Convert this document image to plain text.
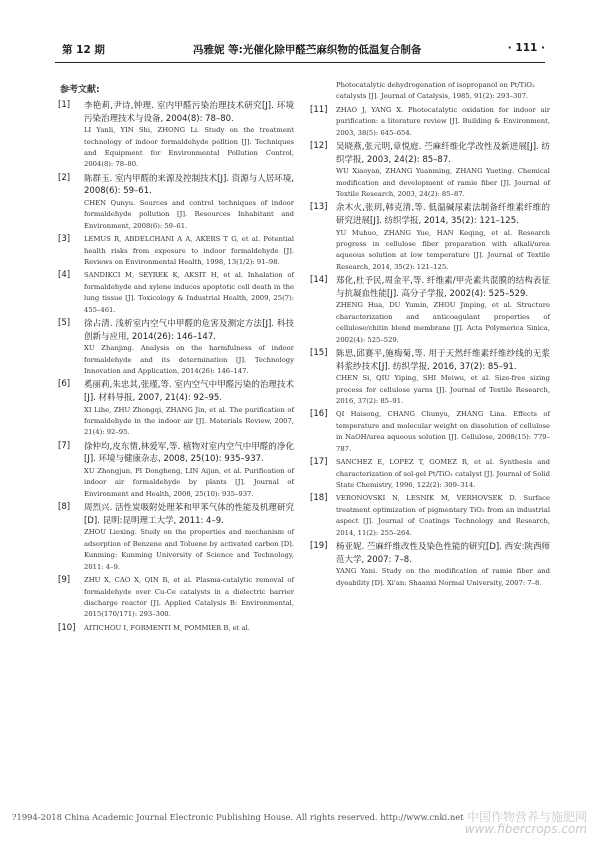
第 12 期	冯雅妮 等:光催化除甲醛苎麻织物的低温复合制备	· 111 ·
参考文献:
[1] 李艳莉,尹诗,钟理. 室内甲醛污染治理技术研究[J]. 环境污染治理技术与设备, 2004(8): 78–80.
LI Yanli, YIN Shi, ZHONG Li. Study on the treatment technology of indoor formaldehyde polltion [J]. Techniques and Equipment for Environmental Pollution Control, 2004(8): 78–80.
[2] 陈群玉. 室内甲醛的来源及控制技术[J]. 资源与人居环境, 2008(6): 59–61.
CHEN Qunyu. Sources and control techniques of indoor formaldehyde pollution [J]. Resources Inhabitant and Environment, 2008(6): 59–61.
[3] LEMUS R, ABDELCHANI A A, AKERS T G, et al. Potential health risks from exposure to indoor formaldehyde [J]. Reviews on Environmental Health, 1998, 13(1/2): 91–98.
[4] SANDIKCI M, SEYREK K, AKSIT H, et al. Inhalation of formaldehyde and xylene induces apoptotic cell death in the lung tissue [J]. Toxicology & Industrial Health, 2009, 25(7): 455–461.
[5] 徐占清. 浅析室内空气中甲醛的危害及测定方法[J]. 科技创新与应用, 2014(26): 146–147.
XU Zhanjing. Analysis on the harmfulness of indoor formaldehyde and its determination [J]. Technology Innovation and Application, 2014(26): 146–147.
[6] 奚丽莉,朱忠其,张瑾,等. 室内空气中甲醛污染的治理技术[J]. 材料导报, 2007, 21(4): 92–95.
XI Lihe, ZHU Zhongqi, ZHANG Jin, et al. The purification of formaldehyde in the indoor air [J]. Materials Review, 2007, 21(4): 92–95.
[7] 徐仲均,皮东情,林爱军,等. 植物对室内空气中甲醛的净化[J]. 环境与健康杂志, 2008, 25(10): 935–937.
XU Zhongjun, PI Dongheng, LIN Aijun, et al. Purification of indoor air formaldehyde by plants [J]. Journal of Environment and Health, 2008, 25(10): 935–937.
[8] 周烈兴. 活性炭吸附处理苯和甲苯气体的性能及机理研究[D]. 昆明:昆明理工大学, 2011: 4–9.
ZHOU Liexing. Study on the properties and mechanism of adsorption of Benzene and Toluene by activated carbon [D]. Kunming: Kunming University of Science and Technology, 2011: 4–9.
[9] ZHU X, CAO X, QIN R, et al. Plasma-catalytic removal of formaldehyde over Cu-Ce catalysts in a dielectric barrier discharge reactor [J]. Applied Catalysis B: Environmental, 2015(170/171): 293–300.
[10] AITICHOU I, FORMENTI M, POMMIER B, et al.
Photocatalytic dehydrogenation of isopropanol on Pt/TiO₂ catalysts [J]. Journal of Catalysis, 1985, 91(2): 293–307.
[11] ZHAO J, YANG X. Photocatalytic oxidation for indoor air purification: a literature review [J]. Building & Environment, 2003, 38(5): 645–654.
[12] 吴晓燕,张元明,章悦庭. 苎麻纤维化学改性及新进展[J]. 纺织学报, 2003, 24(2): 85–87.
WU Xiaoyan, ZHANG Yuanming, ZHANG Yueting. Chemical modification and development of ramie fiber [J]. Journal of Textile Research, 2003, 24(2): 85–87.
[13] 余木火,张玥,韩克清,等. 低温碱尿素法制备纤维素纤维的研究进展[J]. 纺织学报, 2014, 35(2): 121–125.
YU Muhuo, ZHANG Yue, HAN Keqing, et al. Research progress in cellulose fiber preparation with alkali/urea aqueous solution at low temperature [J]. Journal of Textile Research, 2014, 35(2): 121–125.
[14] 郑化,杜予民,周金平,等. 纤维素/甲壳素共混膜的结构表征与抗凝血性能[J]. 高分子学报, 2002(4): 525–529.
ZHENG Hua, DU Yumin, ZHOU Jinping, et al. Structure characterization and anticoagulant properties of cellulose/chitin blend membrane [J]. Acta Polymerica Sinica, 2002(4): 525–529.
[15] 陈思,邱赛平,施梅菊,等. 用于天然纤维素纤维纱线的无浆料浆纱技术[J]. 纺织学报, 2016, 37(2): 85–91.
CHEN Si, QIU Yiping, SHI Meiwu, et al. Size-free sizing process for cellulose yarns [J]. Journal of Textile Research, 2016, 37(2): 85–91.
[16] QI Haisong, CHANG Chunyu, ZHANG Lina. Effects of temperature and molecular weight on dissolution of cellulose in NaOH/urea aqueous solution [J]. Cellulose, 2008(15): 779–787.
[17] SANCHEZ E, LOPEZ T, GOMEZ R, et al. Synthesis and characterization of sol-gel Pt/TiO₂ catalyst [J]. Journal of Solid State Chemistry, 1996, 122(2): 309–314.
[18] VERONOVSKI N, LESNIK M, VERHOVSEK D. Surface treatment optimization of pigmentary TiO₂ from an industrial aspect [J]. Journal of Coatings Technology and Research, 2014, 11(2): 255–264.
[19] 杨亚妮. 苎麻纤维改性及染色性能的研究[D]. 西安:陕西师范大学, 2007: 7–8.
YANG Yani. Study on the modification of ramie fiber and dyeability [D]. Xi'an: Shaanxi Normal University, 2007: 7–8.
?1994-2018 China Academic Journal Electronic Publishing House. All rights reserved. http://www.cnki.net 中国作物营养与施肥网
www.fibercrops.com
